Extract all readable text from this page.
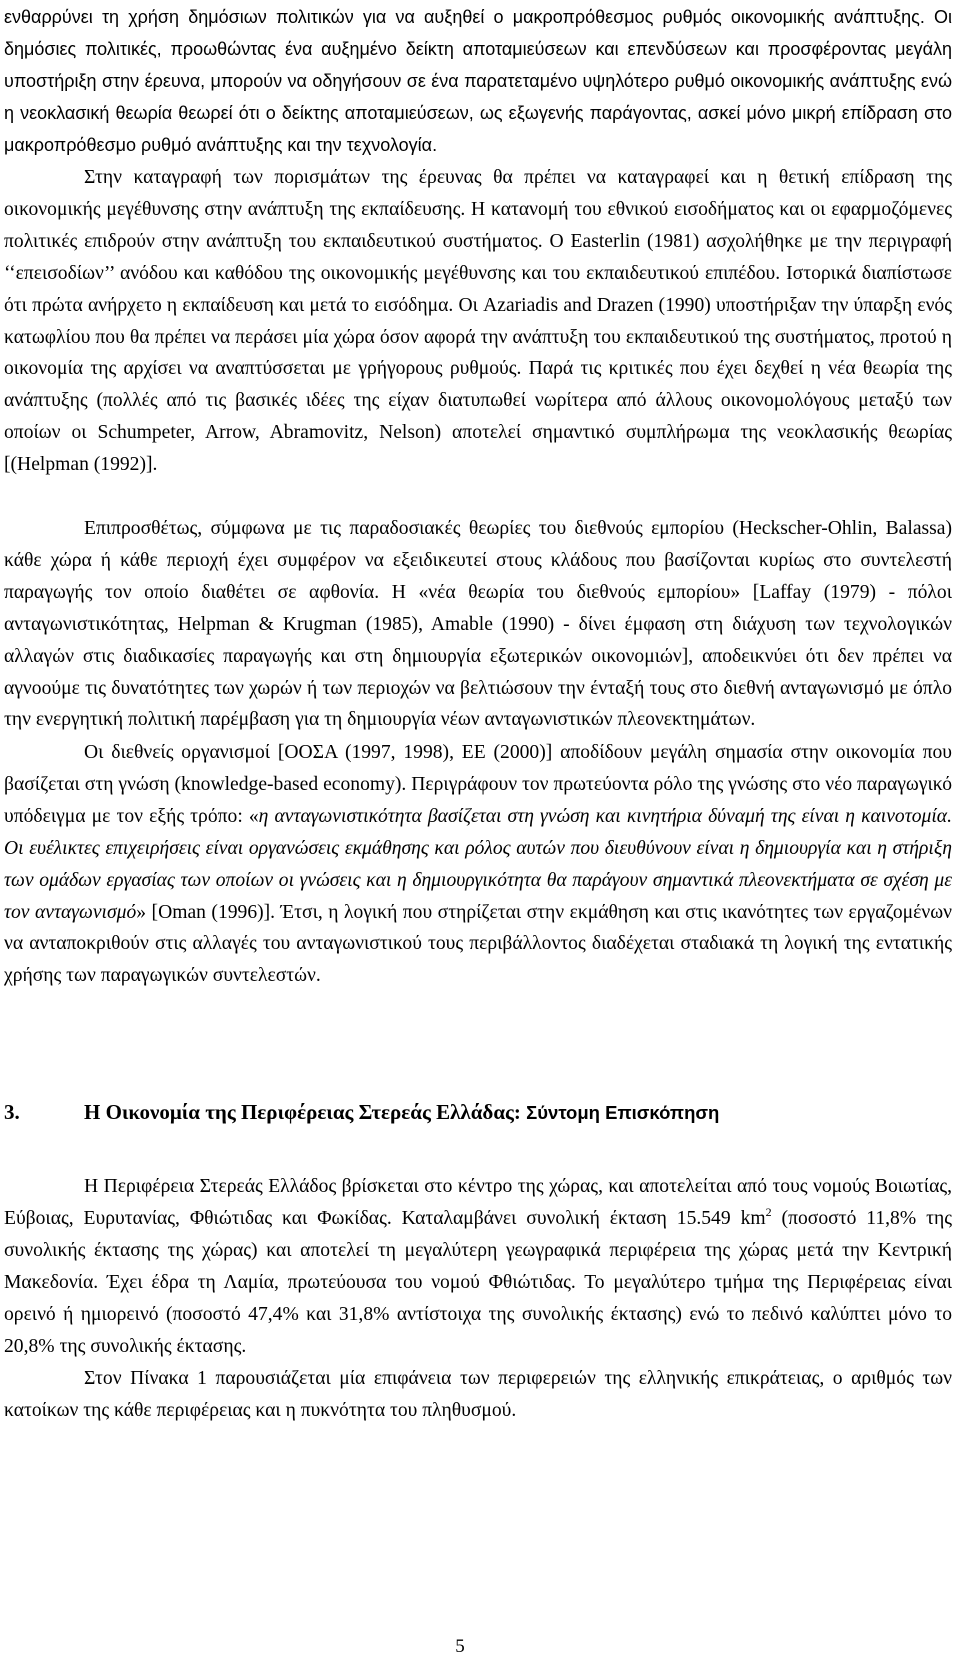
ενθαρρύνει τη χρήση δημόσιων πολιτικών για να αυξηθεί ο μακροπρόθεσμος ρυθμός οικονομικής ανάπτυξης. Οι δημόσιες πολιτικές, προωθώντας ένα αυξημένο δείκτη αποταμιεύσεων και επενδύσεων και προσφέροντας μεγάλη υποστήριξη στην έρευνα, μπορούν να οδηγήσουν σε ένα παρατεταμένο υψηλότερο ρυθμό οικονομικής ανάπτυξης ενώ η νεοκλασική θεωρία θεωρεί ότι ο δείκτης αποταμιεύσεων, ως εξωγενής παράγοντας, ασκεί μόνο μικρή επίδραση στο μακροπρόθεσμο ρυθμό ανάπτυξης και την τεχνολογία.

Στην καταγραφή των πορισμάτων της έρευνας θα πρέπει να καταγραφεί και η θετική επίδραση της οικονομικής μεγέθυνσης στην ανάπτυξη της εκπαίδευσης. Η κατανομή του εθνικού εισοδήματος και οι εφαρμοζόμενες πολιτικές επιδρούν στην ανάπτυξη του εκπαιδευτικού συστήματος. Ο Easterlin (1981) ασχολήθηκε με την περιγραφή ‘‘επεισοδίων’’ ανόδου και καθόδου της οικονομικής μεγέθυνσης και του εκπαιδευτικού επιπέδου. Ιστορικά διαπίστωσε ότι πρώτα ανήρχετο η εκπαίδευση και μετά το εισόδημα. Οι Azariadis and Drazen (1990) υποστήριξαν την ύπαρξη ενός κατωφλίου που θα πρέπει να περάσει μία χώρα όσον αφορά την ανάπτυξη του εκπαιδευτικού της συστήματος, προτού η οικονομία της αρχίσει να αναπτύσσεται με γρήγορους ρυθμούς. Παρά τις κριτικές που έχει δεχθεί η νέα θεωρία της ανάπτυξης (πολλές από τις βασικές ιδέες της είχαν διατυπωθεί νωρίτερα από άλλους οικονομολόγους μεταξύ των οποίων οι Schumpeter, Arrow, Abramovitz, Nelson) αποτελεί σημαντικό συμπλήρωμα της νεοκλασικής θεωρίας [(Helpman (1992)].

Επιπροσθέτως, σύμφωνα με τις παραδοσιακές θεωρίες του διεθνούς εμπορίου (Heckscher-Ohlin, Balassa) κάθε χώρα ή κάθε περιοχή έχει συμφέρον να εξειδικευτεί στους κλάδους που βασίζονται κυρίως στο συντελεστή παραγωγής τον οποίο διαθέτει σε αφθονία. Η «νέα θεωρία του διεθνούς εμπορίου» [Laffay (1979) - πόλοι ανταγωνιστικότητας, Helpman & Krugman (1985), Amable (1990) - δίνει έμφαση στη διάχυση των τεχνολογικών αλλαγών στις διαδικασίες παραγωγής και στη δημιουργία εξωτερικών οικονομιών], αποδεικνύει ότι δεν πρέπει να αγνοούμε τις δυνατότητες των χωρών ή των περιοχών να βελτιώσουν την ένταξή τους στο διεθνή ανταγωνισμό με όπλο την ενεργητική πολιτική παρέμβαση για τη δημιουργία νέων ανταγωνιστικών πλεονεκτημάτων.

Οι διεθνείς οργανισμοί [ΟΟΣΑ (1997, 1998), ΕΕ (2000)] αποδίδουν μεγάλη σημασία στην οικονομία που βασίζεται στη γνώση (knowledge-based economy). Περιγράφουν τον πρωτεύοντα ρόλο της γνώσης στο νέο παραγωγικό υπόδειγμα με τον εξής τρόπο: «η ανταγωνιστικότητα βασίζεται στη γνώση και κινητήρια δύναμή της είναι η καινοτομία. Οι ευέλικτες επιχειρήσεις είναι οργανώσεις εκμάθησης και ρόλος αυτών που διευθύνουν είναι η δημιουργία και η στήριξη των ομάδων εργασίας των οποίων οι γνώσεις και η δημιουργικότητα θα παράγουν σημαντικά πλεονεκτήματα σε σχέση με τον ανταγωνισμό» [Oman (1996)]. Έτσι, η λογική που στηρίζεται στην εκμάθηση και στις ικανότητες των εργαζομένων να ανταποκριθούν στις αλλαγές του ανταγωνιστικού τους περιβάλλοντος διαδέχεται σταδιακά τη λογική της εντατικής χρήσης των παραγωγικών συντελεστών.

3.	Η Οικονομία της Περιφέρειας Στερεάς Ελλάδας: Σύντομη Επισκόπηση

Η Περιφέρεια Στερεάς Ελλάδος βρίσκεται στο κέντρο της χώρας, και αποτελείται από τους νομούς Βοιωτίας, Εύβοιας, Ευρυτανίας, Φθιώτιδας και Φωκίδας. Καταλαμβάνει συνολική έκταση 15.549 $km^2$ (ποσοστό 11,8% της συνολικής έκτασης της χώρας) και αποτελεί τη μεγαλύτερη γεωγραφικά περιφέρεια της χώρας μετά την Κεντρική Μακεδονία. Έχει έδρα τη Λαμία, πρωτεύουσα του νομού Φθιώτιδας. Το μεγαλύτερο τμήμα της Περιφέρειας είναι ορεινό ή ημιορεινό (ποσοστό 47,4% και 31,8% αντίστοιχα της συνολικής έκτασης) ενώ το πεδινό καλύπτει μόνο το 20,8% της συνολικής έκτασης.

Στον Πίνακα 1 παρουσιάζεται μία επιφάνεια των περιφερειών της ελληνικής επικράτειας, ο αριθμός των κατοίκων της κάθε περιφέρειας και η πυκνότητα του πληθυσμού.

5
